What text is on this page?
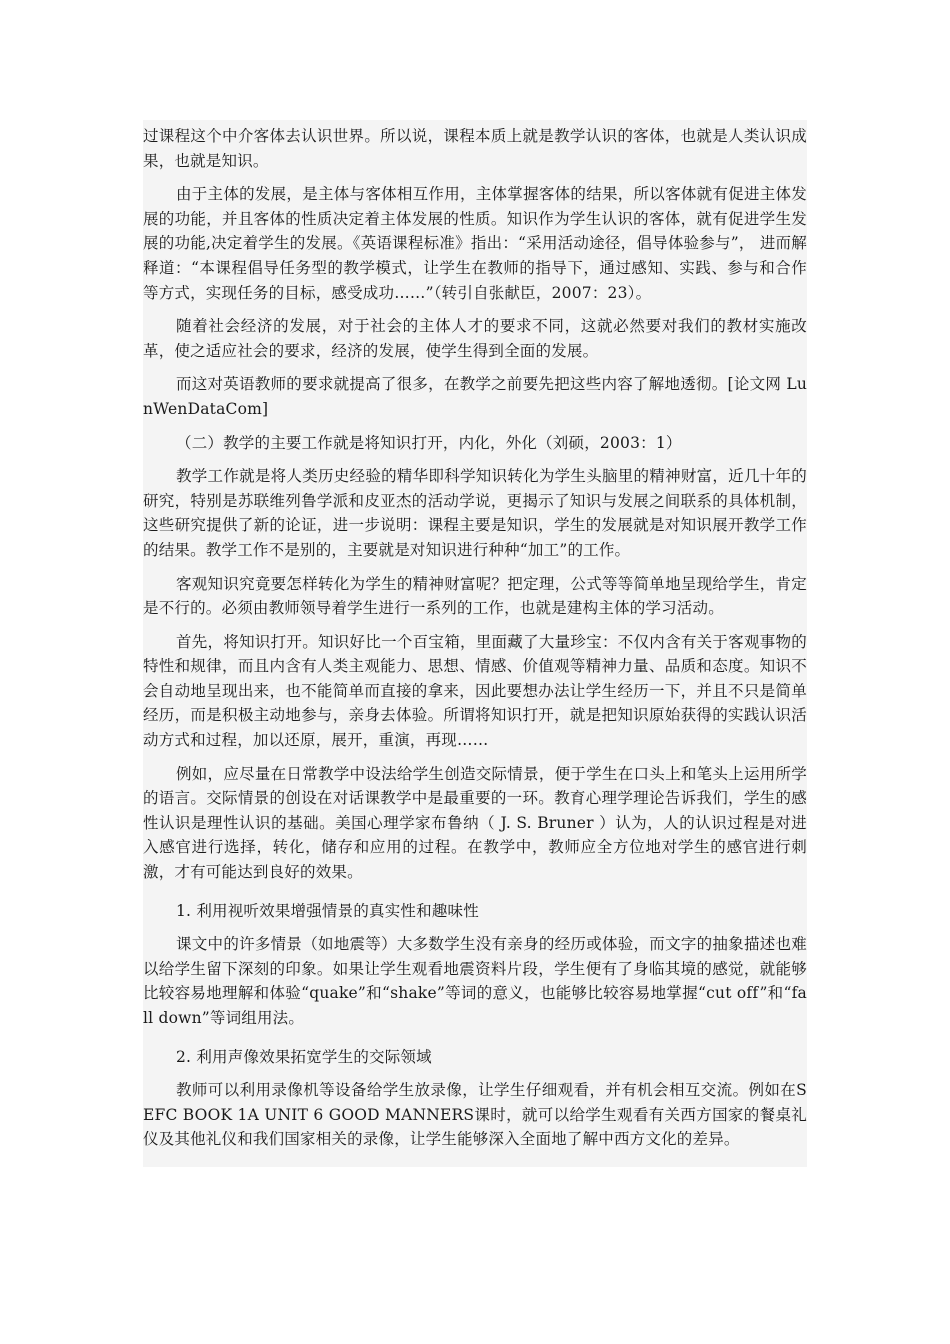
过课程这个中介客体去认识世界。所以说，课程本质上就是教学认识的客体，也就是人类认识成果，也就是知识。

由于主体的发展，是主体与客体相互作用，主体掌握客体的结果，所以客体就有促进主体发展的功能，并且客体的性质决定着主体发展的性质。知识作为学生认识的客体，就有促进学生发展的功能,决定着学生的发展。《英语课程标准》指出：“采用活动途径，倡导体验参与”， 进而解释道：“本课程倡导任务型的教学模式，让学生在教师的指导下，通过感知、实践、参与和合作等方式，实现任务的目标，感受成功……”（转引自张献臣，2007：23）。

随着社会经济的发展，对于社会的主体人才的要求不同，这就必然要对我们的教材实施改革，使之适应社会的要求，经济的发展，使学生得到全面的发展。

而这对英语教师的要求就提高了很多，在教学之前要先把这些内容了解地透彻。[论文网 LunWenDataCom]

（二）教学的主要工作就是将知识打开，内化，外化（刘硕，2003：1）

教学工作就是将人类历史经验的精华即科学知识转化为学生头脑里的精神财富，近几十年的研究，特别是苏联维列鲁学派和皮亚杰的活动学说，更揭示了知识与发展之间联系的具体机制，这些研究提供了新的论证，进一步说明：课程主要是知识，学生的发展就是对知识展开教学工作的结果。教学工作不是别的，主要就是对知识进行种种“加工”的工作。

客观知识究竟要怎样转化为学生的精神财富呢？把定理，公式等等简单地呈现给学生，肯定是不行的。必须由教师领导着学生进行一系列的工作，也就是建构主体的学习活动。

首先，将知识打开。知识好比一个百宝箱，里面藏了大量珍宝：不仅内含有关于客观事物的特性和规律，而且内含有人类主观能力、思想、情感、价值观等精神力量、品质和态度。知识不会自动地呈现出来，也不能简单而直接的拿来，因此要想办法让学生经历一下，并且不只是简单经历，而是积极主动地参与，亲身去体验。所谓将知识打开，就是把知识原始获得的实践认识活动方式和过程，加以还原，展开，重演，再现……

例如，应尽量在日常教学中设法给学生创造交际情景，便于学生在口头上和笔头上运用所学的语言。交际情景的创设在对话课教学中是最重要的一环。教育心理学理论告诉我们，学生的感性认识是理性认识的基础。美国心理学家布鲁纳（ J. S. Bruner ）认为，人的认识过程是对进入感官进行选择，转化，储存和应用的过程。在教学中，教师应全方位地对学生的感官进行刺激，才有可能达到良好的效果。

1. 利用视听效果增强情景的真实性和趣味性

课文中的许多情景（如地震等）大多数学生没有亲身的经历或体验，而文字的抽象描述也难以给学生留下深刻的印象。如果让学生观看地震资料片段，学生便有了身临其境的感觉，就能够比较容易地理解和体验“quake”和“shake”等词的意义，也能够比较容易地掌握“cut off”和“fall down”等词组用法。

2. 利用声像效果拓宽学生的交际领域

教师可以利用录像机等设备给学生放录像，让学生仔细观看，并有机会相互交流。例如在SEFC BOOK 1A UNIT 6 GOOD MANNERS课时，就可以给学生观看有关西方国家的餐桌礼仪及其他礼仪和我们国家相关的录像，让学生能够深入全面地了解中西方文化的差异。
